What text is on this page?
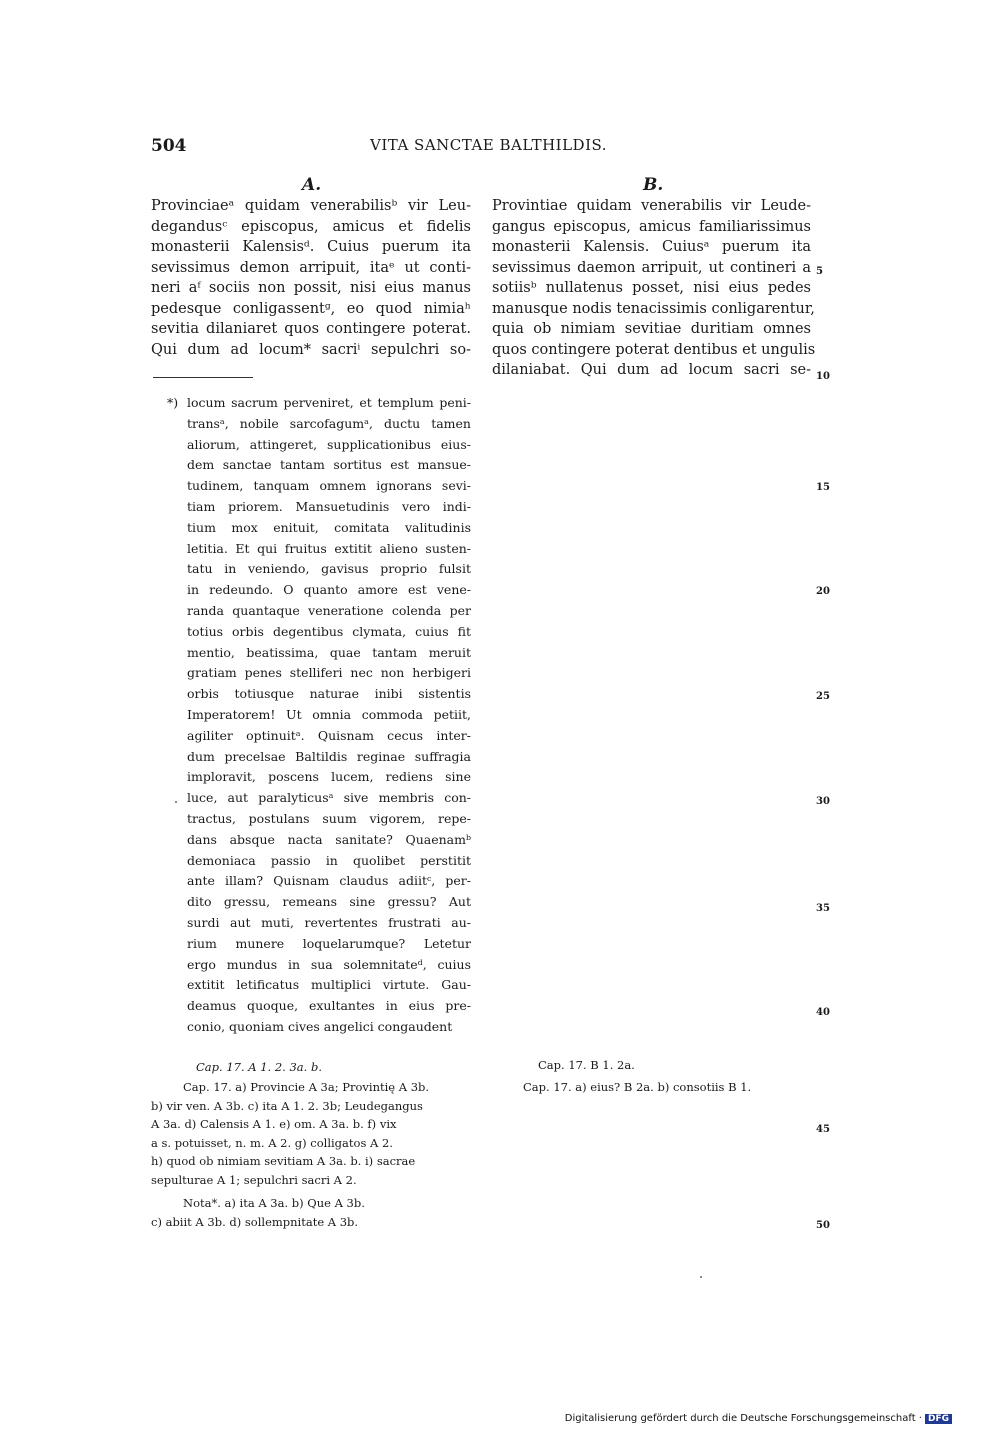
504	VITA SANCTAE BALTHILDIS.
A.
Provinciaeᵃ quidam venerabilisᵇ vir Leu-
degandusᶜ episcopus, amicus et fidelis
monasterii Kalensisᵈ. Cuius puerum ita
sevissimus demon arripuit, itaᵉ ut conti-
neri aᶠ sociis non possit, nisi eius manus
pedesque conligassentᵍ, eo quod nimiaʰ
sevitia dilaniaret quos contingere poterat.
Qui dum ad locum* sacriⁱ sepulchri so-
*) locum sacrum perveniret, et templum peni-
transᵃ, nobile sarcofagumᵃ, ductu tamen
aliorum, attingeret, supplicationibus eius-
dem sanctae tantam sortitus est mansue-
tudinem, tanquam omnem ignorans sevi-
tiam priorem. Mansuetudinis vero indi-
tium mox enituit, comitata valitudinis
letitia. Et qui fruitus extitit alieno susten-
tatu in veniendo, gavisus proprio fulsit
in redeundo. O quanto amore est vene-
randa quantaque veneratione colenda per
totius orbis degentibus clymata, cuius fit
mentio, beatissima, quae tantam meruit
gratiam penes stelliferi nec non herbigeri
orbis totiusque naturae inibi sistentis
Imperatorem! Ut omnia commoda petiit,
agiliter optinuitᵃ. Quisnam cecus inter-
dum precelsae Baltildis reginae suffragia
imploravit, poscens lucem, rediens sine
luce, aut paralyticusᵃ sive membris con-
tractus, postulans suum vigorem, repe-
dans absque nacta sanitate? Quaenamᵇ
demoniaca passio in quolibet perstitit
ante illam? Quisnam claudus adiitᶜ, per-
dito gressu, remeans sine gressu? Aut
surdi aut muti, revertentes frustrati au-
rium munere loquelarumque? Letetur
ergo mundus in sua solemnitateᵈ, cuius
extitit letificatus multiplici virtute. Gau-
deamus quoque, exultantes in eius pre-
conio, quoniam cives angelici congaudent
B.
Provintiae quidam venerabilis vir Leude-
gangus episcopus, amicus familiarissimus
monasterii Kalensis. Cuiusᵃ puerum ita
sevissimus daemon arripuit, ut contineri a
sotiisᵇ nullatenus posset, nisi eius pedes
manusque nodis tenacissimis conligarentur,
quia ob nimiam sevitiae duritiam omnes
quos contingere poterat dentibus et ungulis
dilaniabat. Qui dum ad locum sacri se-
5
10
15
20
25
30
35
40
45
50
Cap. 17. A 1. 2. 3a. b.
Cap. 17. a) Provincie A 3a; Provintię A 3b.
b) vir ven. A 3b. c) ita A 1. 2. 3b; Leudegangus
A 3a. d) Calensis A 1. e) om. A 3a. b. f) vix
a s. potuisset, n. m. A 2. g) colligatos A 2.
h) quod ob nimiam sevitiam A 3a. b. i) sacrae
sepulturae A 1; sepulchri sacri A 2.
Nota*. a) ita A 3a. b) Que A 3b.
c) abiit A 3b. d) sollempnitate A 3b.
Cap. 17. B 1. 2a.
Cap. 17. a) eius? B 2a. b) consotiis B 1.
Digitalisierung gefördert durch die Deutsche Forschungsgemeinschaft · DFG
